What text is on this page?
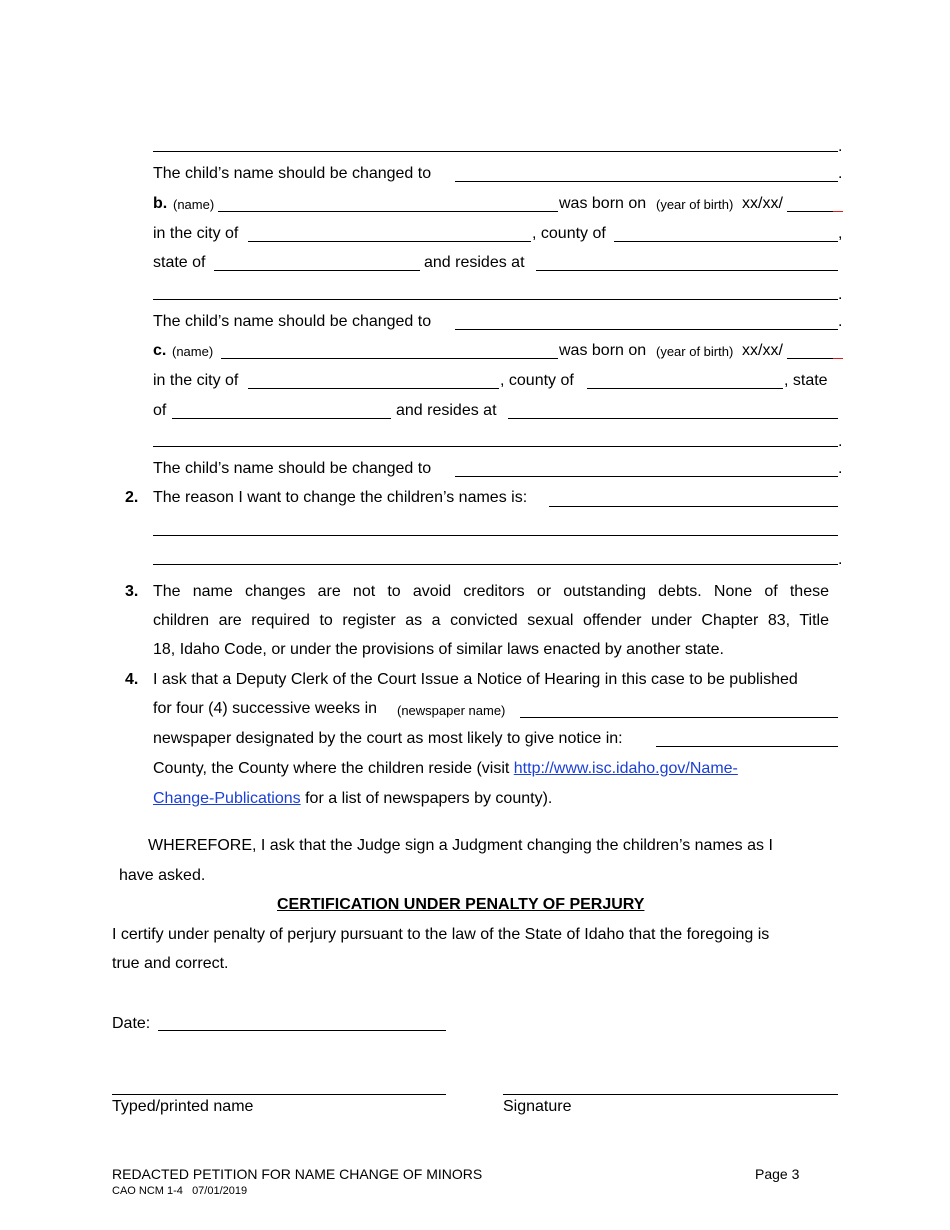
.
The child’s name should be changed to	.
b. (name)	was born on (year of birth) xx/xx/
in the city of	, county of	,
state of	and resides at
.
The child’s name should be changed to	.
c. (name)	was born on (year of birth) xx/xx/
in the city of	, county of	, state
of	and resides at
.
The child’s name should be changed to	.
2. The reason I want to change the children’s names is:
.
3. The name changes are not to avoid creditors or outstanding debts. None of these
children are required to register as a convicted sexual offender under Chapter 83, Title
18, Idaho Code, or under the provisions of similar laws enacted by another state.
4. I ask that a Deputy Clerk of the Court Issue a Notice of Hearing in this case to be published
for four (4) successive weeks in (newspaper name)
newspaper designated by the court as most likely to give notice in:
County, the County where the children reside (visit http://www.isc.idaho.gov/Name-
Change-Publications for a list of newspapers by county).
WHEREFORE, I ask that the Judge sign a Judgment changing the children’s names as I
have asked.
CERTIFICATION UNDER PENALTY OF PERJURY
I certify under penalty of perjury pursuant to the law of the State of Idaho that the foregoing is
true and correct.
Date:
Typed/printed name	Signature
REDACTED PETITION FOR NAME CHANGE OF MINORS	Page 3
CAO NCM 1-4   07/01/2019
